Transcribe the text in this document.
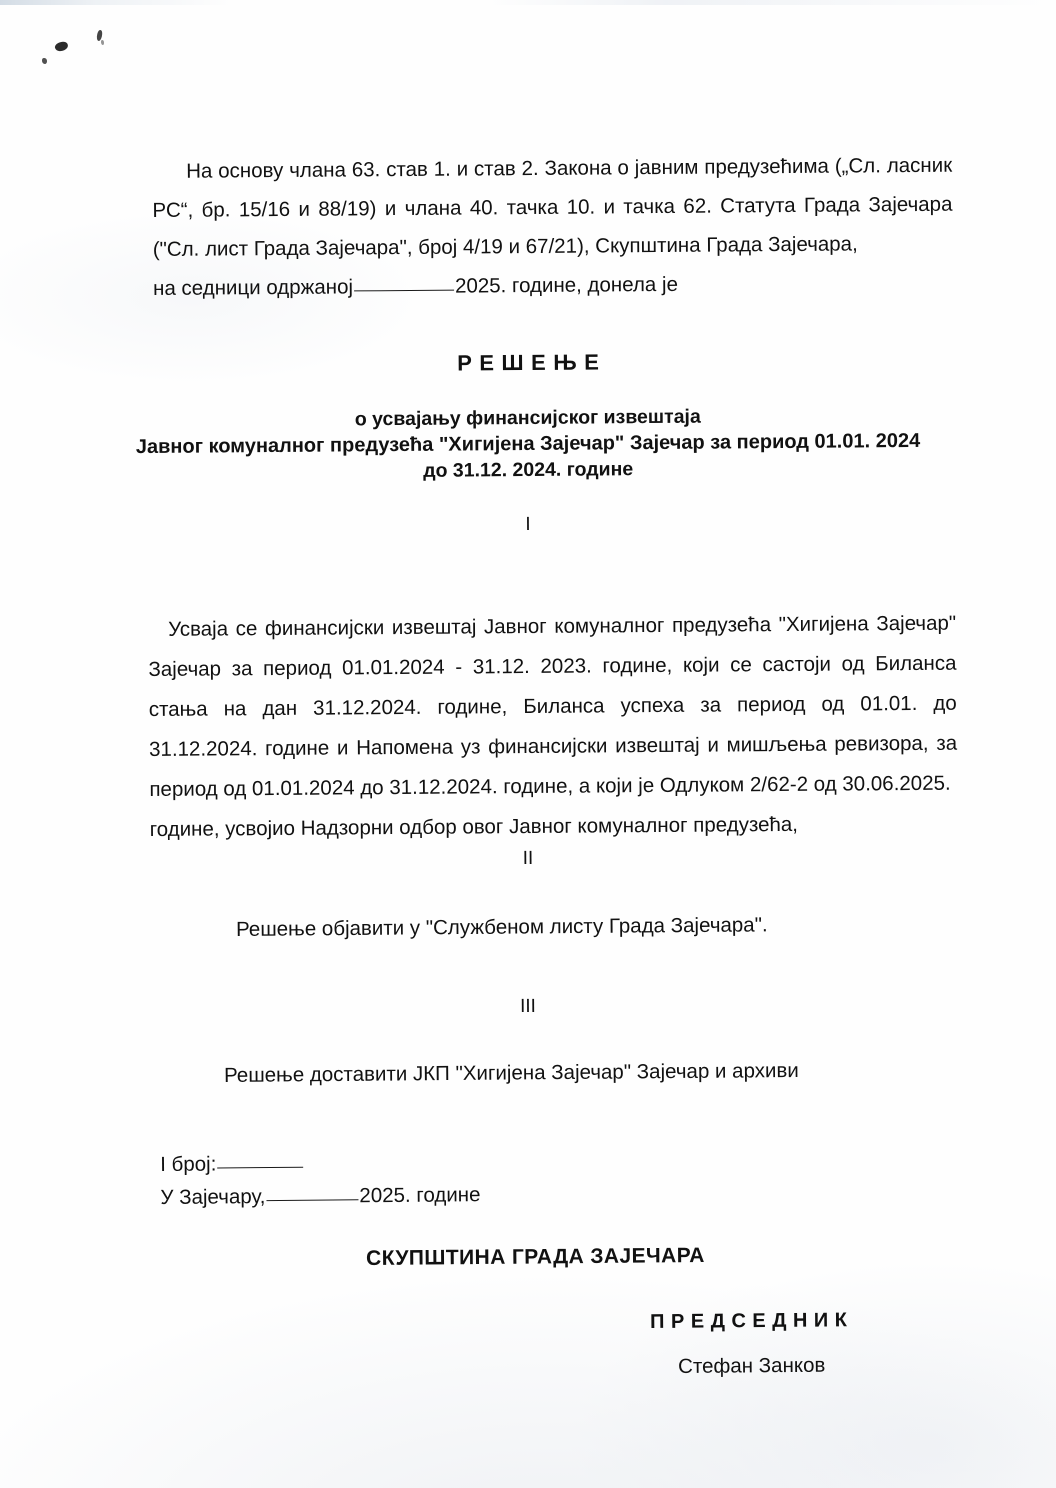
На основу члана 63. став 1. и став 2. Закона о јавним предузећима („Сл. ласник РС“, бр. 15/16 и 88/19) и члана 40. тачка 10. и тачка 62. Статута Града Зајечара ("Сл. лист Града Зајечара", број 4/19 и 67/21), Скупштина Града Зајечара,
на седници одржаној	2025. године, донела је

РЕШЕЊЕ
о усвајању финансијског извештаја
Јавног комуналног предузећа "Хигијена Зајечар" Зајечар за период 01.01. 2024
до 31.12. 2024. године
I

Усваја се финансијски извештај Јавног комуналног предузећа "Хигијена Зајечар" Зајечар за период 01.01.2024 - 31.12. 2023. године, који се састоји од Биланса стања на дан 31.12.2024. године, Биланса успеха за период од 01.01. до 31.12.2024. године и Напомена уз финансијски извештај и мишљења ревизора, за период од 01.01.2024 до 31.12.2024. године, а који је Одлуком 2/62-2 од 30.06.2025.
године, усвојио Надзорни одбор овог Јавног комуналног предузећа,

II
Решење објавити у "Службеном листу Града Зајечара".
III
Решење доставити ЈКП "Хигијена Зајечар" Зајечар и архиви
I број:
У Зајечару,	2025. године
СКУПШТИНА ГРАДА ЗАЈЕЧАРА
ПРЕДСЕДНИК
Стефан Занков
